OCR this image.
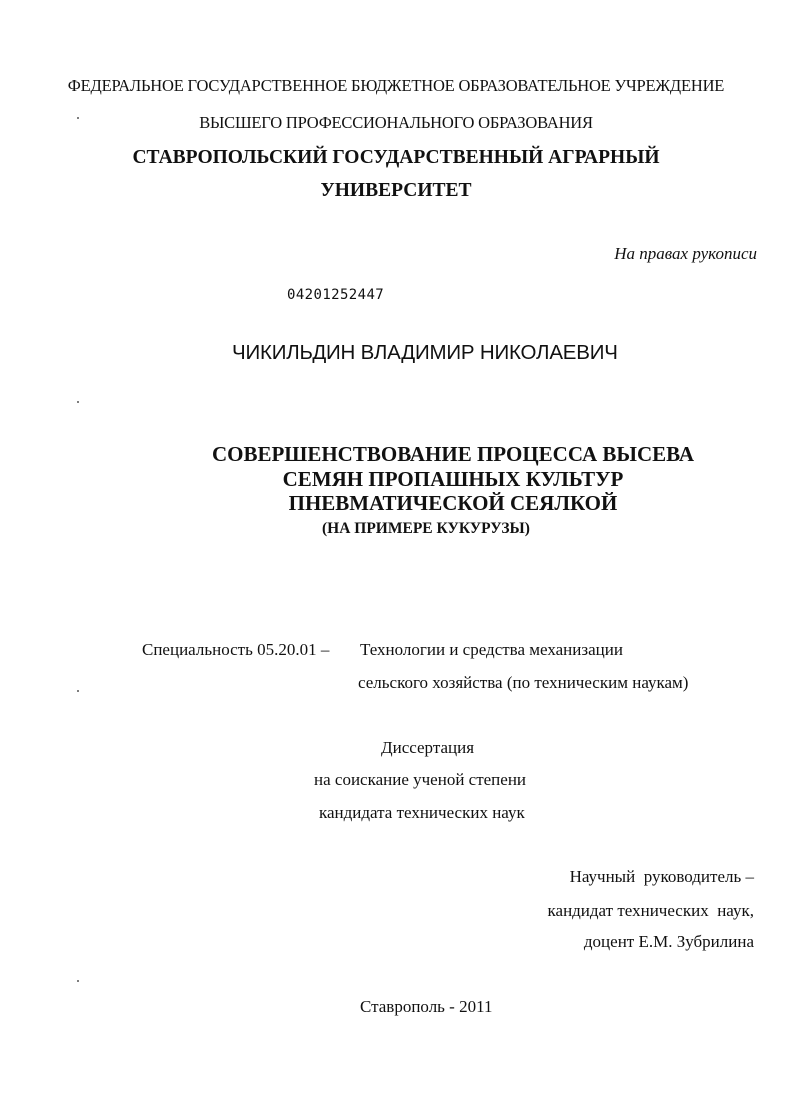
ФЕДЕРАЛЬНОЕ ГОСУДАРСТВЕННОЕ БЮДЖЕТНОЕ ОБРАЗОВАТЕЛЬНОЕ УЧРЕЖДЕНИЕ

ВЫСШЕГО ПРОФЕССИОНАЛЬНОГО ОБРАЗОВАНИЯ

СТАВРОПОЛЬСКИЙ ГОСУДАРСТВЕННЫЙ АГРАРНЫЙ

УНИВЕРСИТЕТ

На правах рукописи

04201252447

ЧИКИЛЬДИН ВЛАДИМИР НИКОЛАЕВИЧ

СОВЕРШЕНСТВОВАНИЕ ПРОЦЕССА ВЫСЕВА
СЕМЯН ПРОПАШНЫХ КУЛЬТУР
ПНЕВМАТИЧЕСКОЙ СЕЯЛКОЙ

(НА ПРИМЕРЕ КУКУРУЗЫ)

Специальность 05.20.01 – Технологии и средства механизации

сельского хозяйства (по техническим наукам)

Диссертация

на соискание ученой степени

кандидата технических наук

Научный  руководитель –

кандидат технических  наук,

доцент Е.М. Зубрилина

Ставрополь - 2011
